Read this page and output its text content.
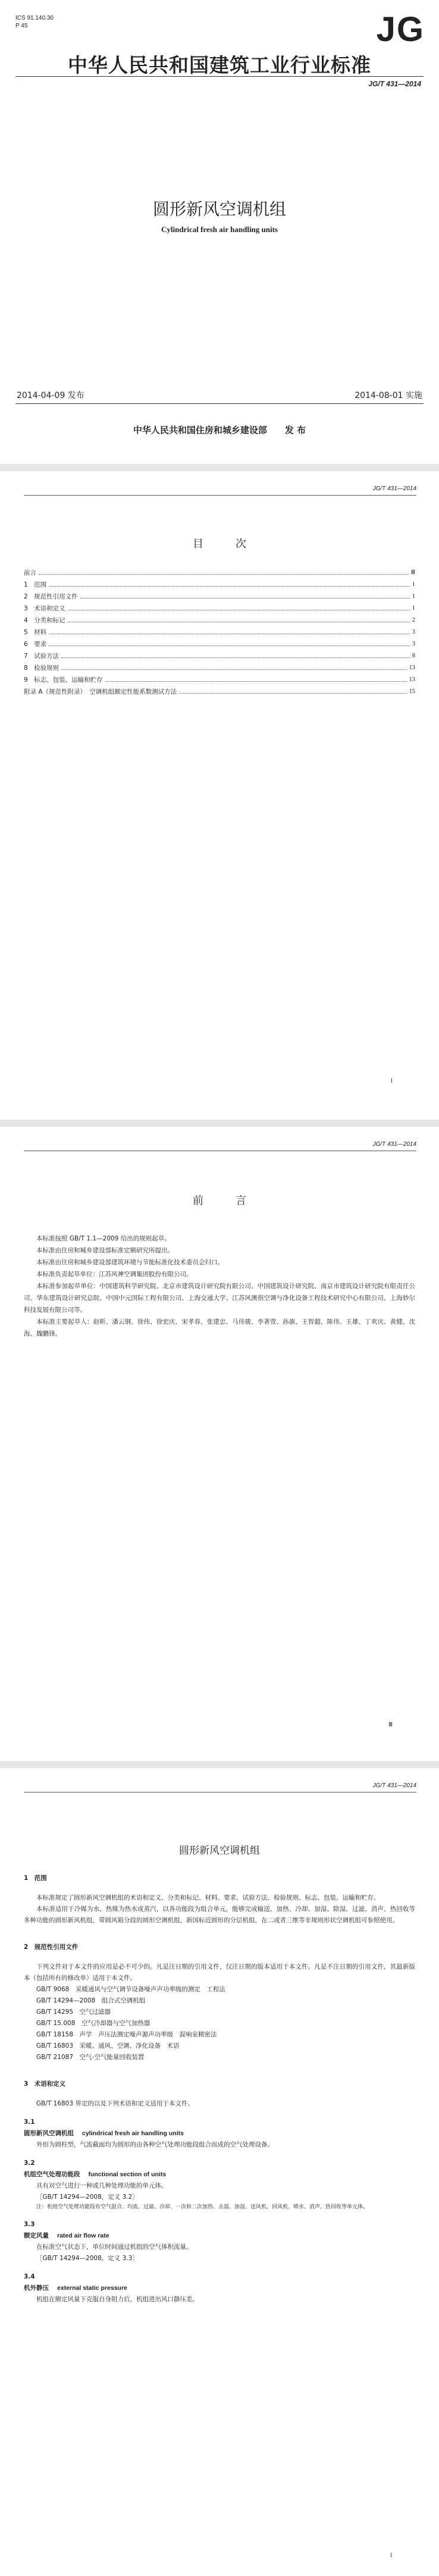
ICS 91.140.30
P 45	JG
中华人民共和国建筑工业行业标准
JG/T 431—2014
圆形新风空调机组
Cylindrical fresh air handling units
2014-04-09 发布	2014-08-01 实施
中华人民共和国住房和城乡建设部　　发 布
JG/T 431—2014
目　次
前言	Ⅲ
1　范围	1
2　规范性引用文件	1
3　术语和定义	1
4　分类和标记	2
5　材料	3
6　要求	3
7　试验方法	8
8　检验规则	13
9　标志、包装、运输和贮存	13
附录 A（规范性附录）　空调机组额定性能系数测试方法	15
Ⅰ
JG/T 431—2014
前　言

本标准按照 GB/T 1.1—2009 给出的规则起草。

本标准由住房和城乡建设部标准定额研究所提出。

本标准由住房和城乡建设部建筑环境与节能标准化技术委员会归口。

本标准负责起草单位：江苏风神空调集团股份有限公司。

本标准参加起草单位：中国建筑科学研究院、北京市建筑设计研究院有限公司、中国建筑设计研究院、南京市建筑设计研究院有限责任公司、华东建筑设计研究总院、中国中元国际工程有限公司、上海交通大学、江苏风澳指空调与净化设备工程技术研究中心有限公司、上海妙尔科技发展有限公司等。

本标准主要起草人：赵昕、潘云钢、徐伟、徐宏庆、宋孝春、张建忠、马伟骏、李著萱、孙旗、王智超、陈伟、王雄、丁欢庆、黄健、沈海、魏鹏锋。

Ⅲ
JG/T 431—2014
圆形新风空调机组
1　范围

本标准规定了圆形新风空调机组的术语和定义、分类和标记、材料、要求、试验方法、检验规则、标志、包装、运输和贮存。

本标准适用于冷媒为水、热媒为热水或蒸汽，以各功能段为组合单元，能够完成输送、加热、冷却、加湿、除湿、过滤、消声、热回收等多种功能的圆形新风机组，带圆风箱分段的圆形空调机组，新国标近圆形的分层机组，在二或者三维等非规则形状空调机组可参照使用。

2　规范性引用文件

下列文件对于本文件的应用是必不可少的。凡是注日期的引用文件，仅注日期的版本适用于本文件。凡是不注日期的引用文件，其最新版本（包括所有的修改单）适用于本文件。

GB/T 9068　采暖通风与空气调节设备噪声声功率级的测定　工程法
GB/T 14294—2008　组合式空调机组
GB/T 14295　空气过滤器
GB/T 15.008　空气冷却器与空气加热器
GB/T 18158　声学　声压法测定噪声源声功率级　混响室精密法
GB/T 16803　采暖、通风、空调、净化设备　术语
GB/T 21087　空气-空气能量回收装置
3　术语和定义

GB/T 16803 界定的以及下列术语和定义适用于本文件。

3.1
圆形新风空调机组 cylindrical fresh air handling units

外形为圆柱型，气流截面均为圆形的由各种空气处理功能段组合而成的空气处理设备。

3.2
机组空气处理功能段 functional section of units

具有对空气进行一种或几种处理功能的单元体。

［GB/T 14294—2008，定义 3.2］
注：机组空气处理功能段有空气混合、均流、过滤、冷却、一次和二次加热、去湿、加湿、送风机、回风机、喷水、消声、热回收等单元体。
3.3
额定风量 rated air flow rate

在标准空气状态下，单位时间通过机组的空气体积流量。

［GB/T 14294—2008，定义 3.3］
3.4
机外静压 external static pressure

机组在额定风量下克服自身阻力后，机组进出风口静压差。

1
